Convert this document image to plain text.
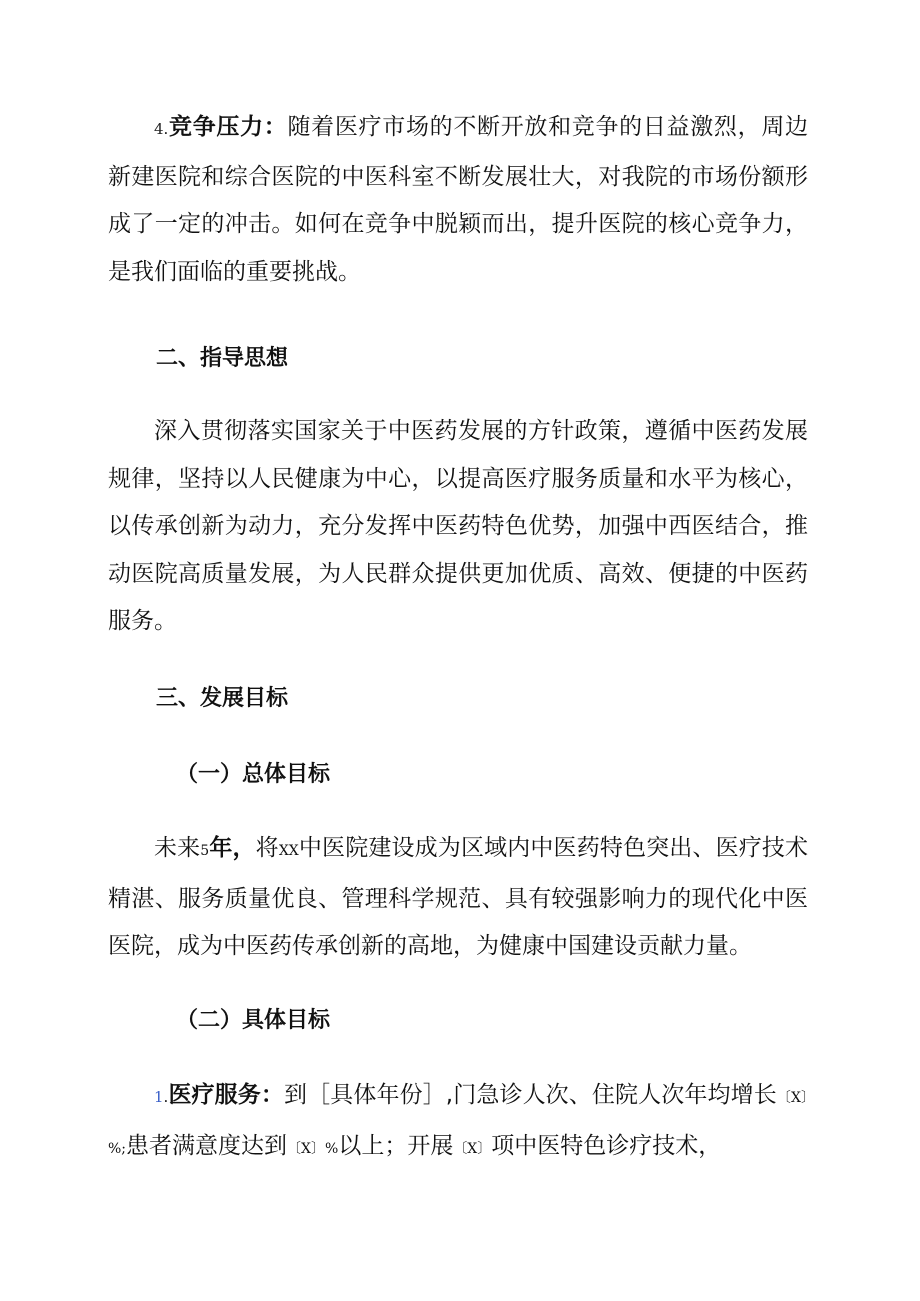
4.竞争压力：随着医疗市场的不断开放和竞争的日益激烈，周边新建医院和综合医院的中医科室不断发展壮大，对我院的市场份额形成了一定的冲击。如何在竞争中脱颖而出，提升医院的核心竞争力，是我们面临的重要挑战。

二、指导思想

深入贯彻落实国家关于中医药发展的方针政策，遵循中医药发展规律，坚持以人民健康为中心，以提高医疗服务质量和水平为核心，以传承创新为动力，充分发挥中医药特色优势，加强中西医结合，推动医院高质量发展，为人民群众提供更加优质、高效、便捷的中医药服务。

三、发展目标

（一）总体目标

未来5年，将XX中医院建设成为区域内中医药特色突出、医疗技术精湛、服务质量优良、管理科学规范、具有较强影响力的现代化中医医院，成为中医药传承创新的高地，为健康中国建设贡献力量。

（二）具体目标

1.医疗服务：到［具体年份］,门急诊人次、住院人次年均增长〔X〕%;患者满意度达到〔X〕%以上；开展〔X〕项中医特色诊疗技术，
